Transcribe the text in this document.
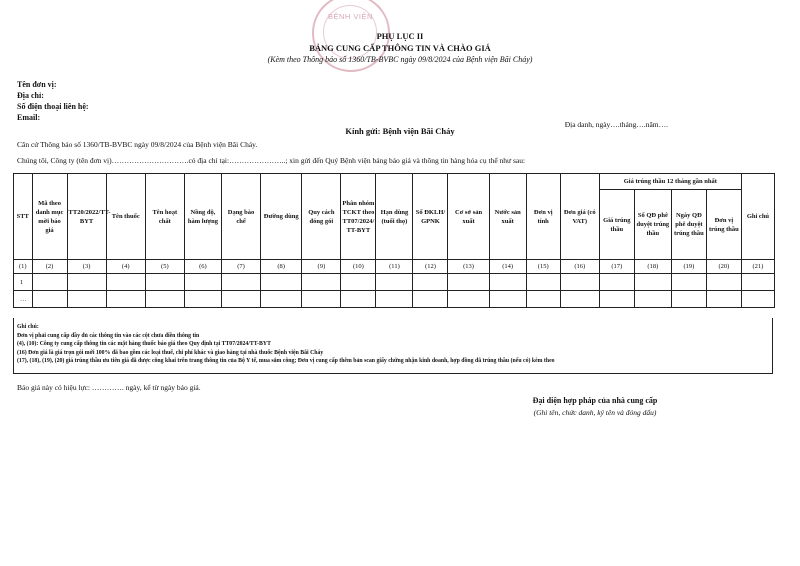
BỆNH VIỆN
PHỤ LỤC II
BẢNG CUNG CẤP THÔNG TIN VÀ CHÀO GIÁ
(Kèm theo Thông báo số 1360/TB-BVBC ngày 09/8/2024 của Bệnh viện Bãi Cháy)
Tên đơn vị:
Địa chỉ:
Số điện thoại liên hệ:
Email:
Địa danh, ngày….tháng….năm….
Kính gửi: Bệnh viện Bãi Cháy
Căn cứ Thông báo số 1360/TB-BVBC ngày 09/8/2024 của Bệnh viện Bãi Cháy.
Chúng tôi, Công ty (tên đơn vị)………………………….có địa chỉ tại:…………………..; xin gửi đến Quý Bệnh viện bảng báo giá và thông tin hàng hóa cụ thể như sau:
STT	Mã theo danh mục mời báo giá	TT20/2022/TT-BYT	Tên thuốc	Tên hoạt chất	Nồng độ, hàm lượng	Dạng bào chế	Đường dùng	Quy cách đóng gói	Phân nhóm TCKT theo TT07/2024/TT-BYT	Hạn dùng (tuổi thọ)	Số ĐKLH/GPNK	Cơ sở sản xuất	Nước sản xuất	Đơn vị tính	Đơn giá (có VAT)	Giá trúng thầu 12 tháng gần nhất				Ghi chú
																Giá trúng thầu	Số QĐ phê duyệt trúng thầu	Ngày QĐ phê duyệt trúng thầu	Đơn vị trúng thầu	
(1)	(2)	(3)	(4)	(5)	(6)	(7)	(8)	(9)	(10)	(11)	(12)	(13)	(14)	(15)	(16)	(17)	(18)	(19)	(20)	(21)
1																				
…																				
Ghi chú:
Đơn vị phải cung cấp đầy đủ các thông tin vào các cột chưa điền thông tin
(4), (10): Công ty cung cấp thông tin các mặt hàng thuốc báo giá theo Quy định tại TT07/2024/TT-BYT
(16) Đơn giá là giá trọn gói mới 100% đã bao gồm các loại thuế, chi phí khác và giao hàng tại nhà thuốc Bệnh viện Bãi Cháy
(17), (18), (19), (20) giá trúng thầu ưu tiên giá đã được công khai trên trang thông tin của Bộ Y tế, mua sắm công; Đơn vị cung cấp thêm bản scan giấy chứng nhận kinh doanh, hợp đồng đã trúng thầu (nếu có) kèm theo
Báo giá này có hiệu lực: …………. ngày, kể từ ngày báo giá.
Đại diện hợp pháp của nhà cung cấp
(Ghi tên, chức danh, ký tên và đóng dấu)
